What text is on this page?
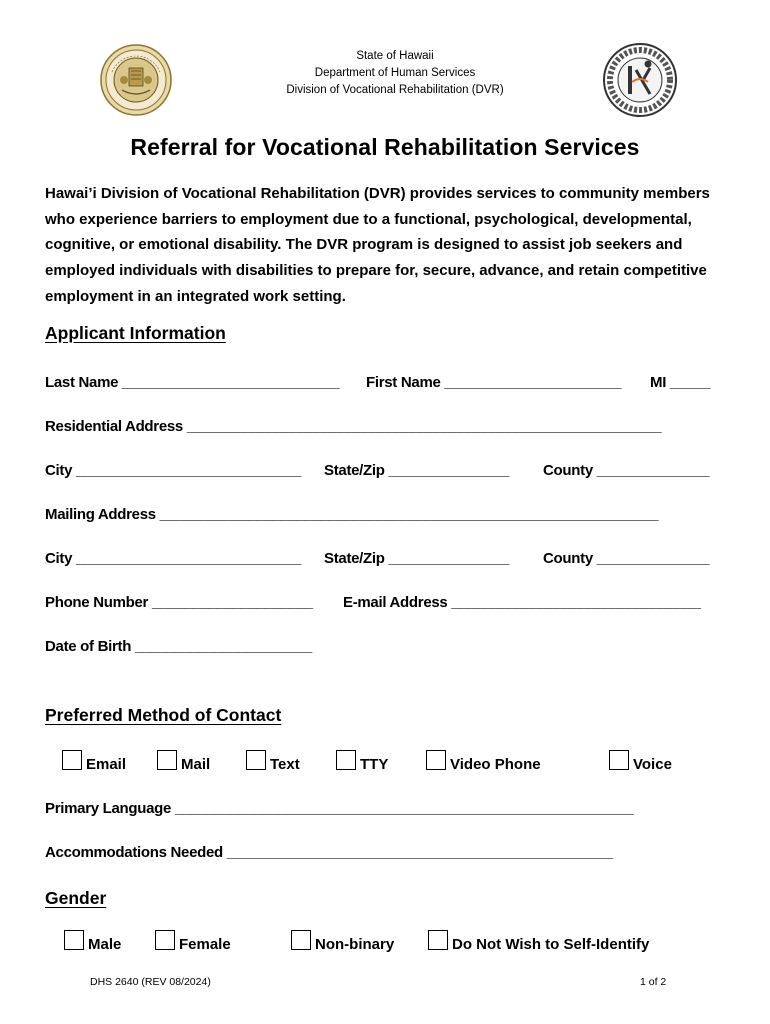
State of Hawaii
Department of Human Services
Division of Vocational Rehabilitation (DVR)
Referral for Vocational Rehabilitation Services
Hawai’i Division of Vocational Rehabilitation (DVR) provides services to community members who experience barriers to employment due to a functional, psychological, developmental, cognitive, or emotional disability. The DVR program is designed to assist job seekers and employed individuals with disabilities to prepare for, secure, advance, and retain competitive employment in an integrated work setting.
Applicant Information
Last Name ___________________________ First Name ______________________ MI _____
Residential Address ___________________________________________________________
City ____________________________ State/Zip _______________ County ______________
Mailing Address ______________________________________________________________
City ____________________________ State/Zip _______________ County ______________
Phone Number ____________________ E-mail Address _______________________________
Date of Birth ______________________
Preferred Method of Contact
Email	Mail	Text	TTY	Video Phone	Voice
Primary Language _________________________________________________________
Accommodations Needed ________________________________________________
Gender
Male	Female	Non-binary	Do Not Wish to Self-Identify
DHS 2640 (REV 08/2024)	1 of 2
